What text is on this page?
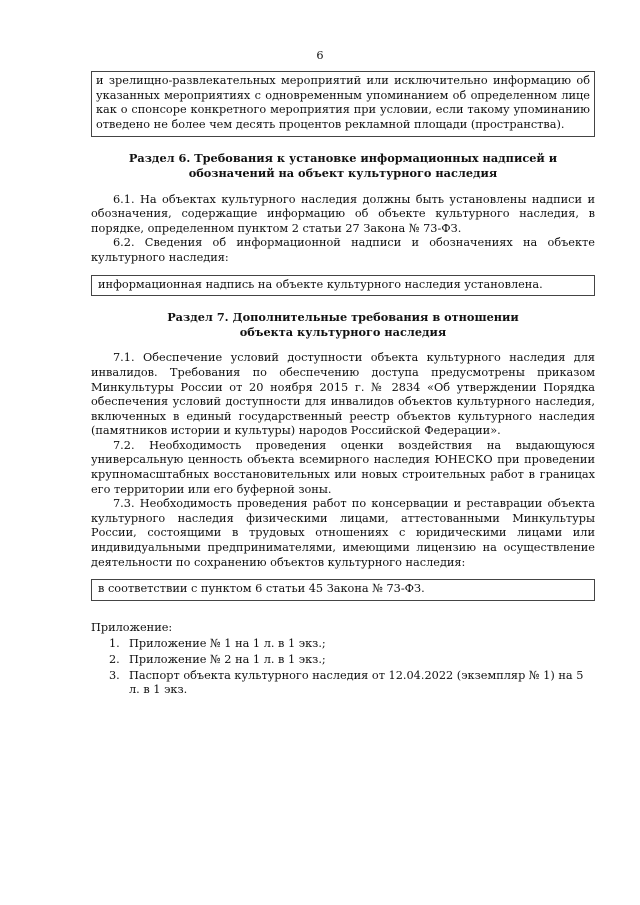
6
и зрелищно-развлекательных мероприятий или исключительно информацию об указанных мероприятиях с одновременным упоминанием об определенном лице как о спонсоре конкретного мероприятия при условии, если такому упоминанию отведено не более чем десять процентов рекламной площади (пространства).
Раздел 6. Требования к установке информационных надписей и
обозначений на объект культурного наследия

6.1. На объектах культурного наследия должны быть установлены надписи и обозначения, содержащие информацию об объекте культурного наследия, в порядке, определенном пунктом 2 статьи 27 Закона № 73-ФЗ.

6.2. Сведения об информационной надписи и обозначениях на объекте культурного наследия:

информационная надпись на объекте культурного наследия установлена.
Раздел 7. Дополнительные требования в отношении
объекта культурного наследия

7.1. Обеспечение условий доступности объекта культурного наследия для инвалидов. Требования по обеспечению доступа предусмотрены приказом Минкультуры России от 20 ноября 2015 г. № 2834 «Об утверждении Порядка обеспечения условий доступности для инвалидов объектов культурного наследия, включенных в единый государственный реестр объектов культурного наследия (памятников истории и культуры) народов Российской Федерации».

7.2. Необходимость проведения оценки воздействия на выдающуюся универсальную ценность объекта всемирного наследия ЮНЕСКО при проведении крупномасштабных восстановительных или новых строительных работ в границах его территории или его буферной зоны.

7.3. Необходимость проведения работ по консервации и реставрации объекта культурного наследия физическими лицами, аттестованными Минкультуры России, состоящими в трудовых отношениях с юридическими лицами или индивидуальными предпринимателями, имеющими лицензию на осуществление деятельности по сохранению объектов культурного наследия:

в соответствии с пунктом 6 статьи 45 Закона № 73-ФЗ.
Приложение:
1. Приложение № 1 на 1 л. в 1 экз.;
2. Приложение № 2 на 1 л. в 1 экз.;
3. Паспорт объекта культурного наследия от 12.04.2022 (экземпляр № 1) на 5 л. в 1 экз.
